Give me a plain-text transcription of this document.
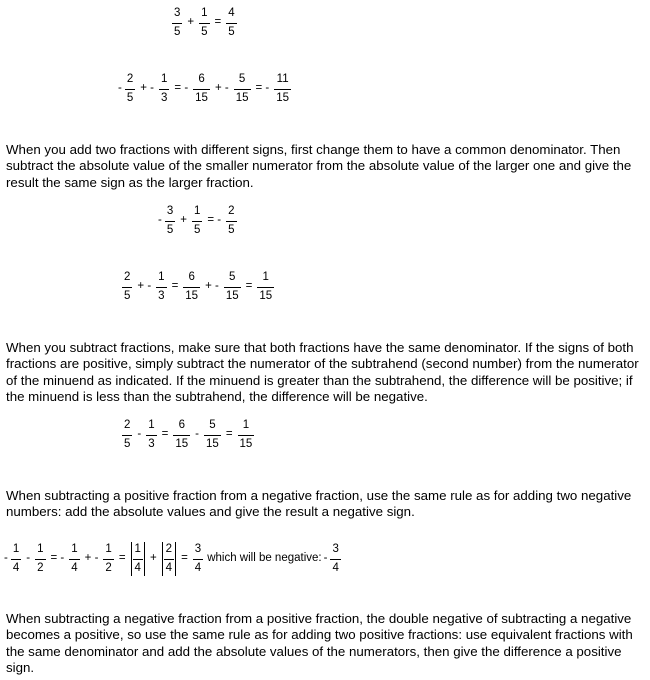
$\frac{3}{5} + \frac{1}{5} = \frac{4}{5}$
- $\frac{2}{5}$ + - $\frac{1}{3}$ = - $\frac{6}{15}$ + - $\frac{5}{15}$ = - $\frac{11}{15}$

When you add two fractions with different signs, first change them to have a common denominator. Then subtract the absolute value of the smaller numerator from the absolute value of the larger one and give the result the same sign as the larger fraction.

- $\frac{3}{5} + \frac{1}{5}$ = - $\frac{2}{5}$
$\frac{2}{5}$ + - $\frac{1}{3} = \frac{6}{15}$ + - $\frac{5}{15} = \frac{1}{15}$

When you subtract fractions, make sure that both fractions have the same denominator. If the signs of both fractions are positive, simply subtract the numerator of the subtrahend (second number) from the numerator of the minuend as indicated. If the minuend is greater than the subtrahend, the difference will be positive; if the minuend is less than the subtrahend, the difference will be negative.

$\frac{2}{5} - \frac{1}{3} = \frac{6}{15} - \frac{5}{15} = \frac{1}{15}$

When subtracting a positive fraction from a negative fraction, use the same rule as for adding two negative numbers: add the absolute values and give the result a negative sign.

- $\frac{1}{4} - \frac{1}{2}$ = - $\frac{1}{4}$ + - $\frac{1}{2} = \frac{1}{4} + \frac{2}{4} = \frac{3}{4}$ which will be negative: - $\frac{3}{4}$

When subtracting a negative fraction from a positive fraction, the double negative of subtracting a negative becomes a positive, so use the same rule as for adding two positive fractions: use equivalent fractions with the same denominator and add the absolute values of the numerators, then give the difference a positive sign.
